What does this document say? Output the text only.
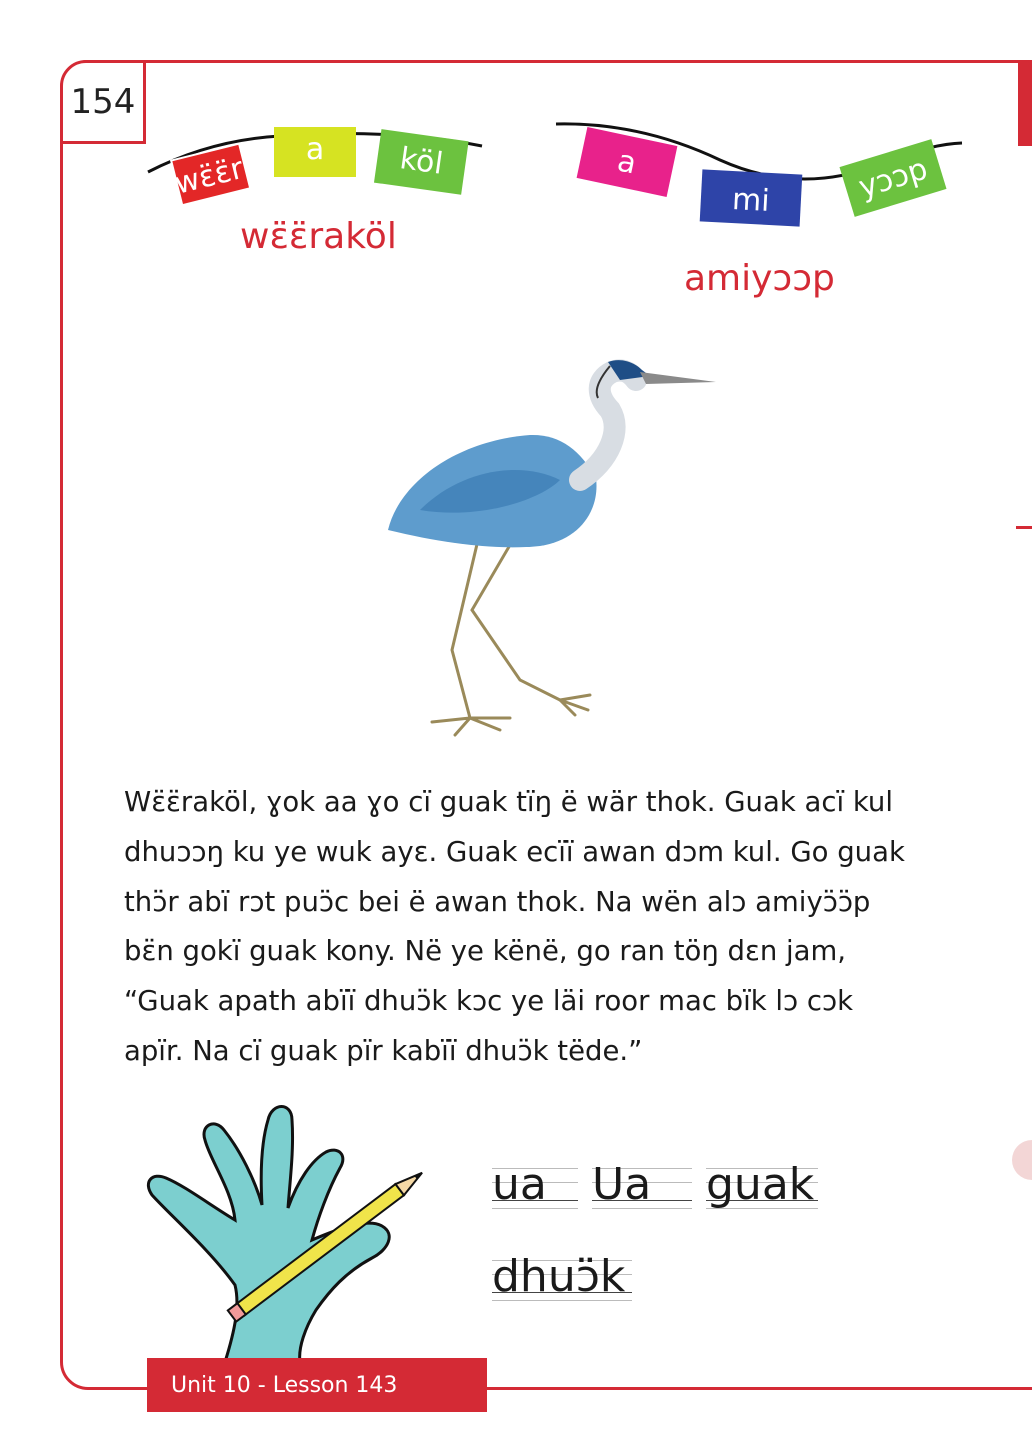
154
wɛ̈ɛ̈r
a köl	a
mi	yɔɔp
wɛ̈ɛ̈raköl
amiyɔɔp
Wɛ̈ɛ̈raköl, ɣok aa ɣo cï guak tïŋ ë wär thok. Guak acï kul
dhuɔɔŋ ku ye wuk ayɛ. Guak ecïï awan dɔm kul. Go guak
thɔ̈r abï rɔt puɔ̈c bei ë awan thok. Na wën alɔ amiyɔ̈ɔ̈p
bɛ̈n gokï guak kony. Në ye kënë, go ran töŋ dɛn jam,
“Guak apath abïï dhuɔ̈k kɔc ye läi roor mac bïk lɔ cɔk
apïr. Na cï guak pïr kabïï dhuɔ̈k tëde.”
ua	Ua	guak
dhuɔ̈k
Unit 10 - Lesson 143
